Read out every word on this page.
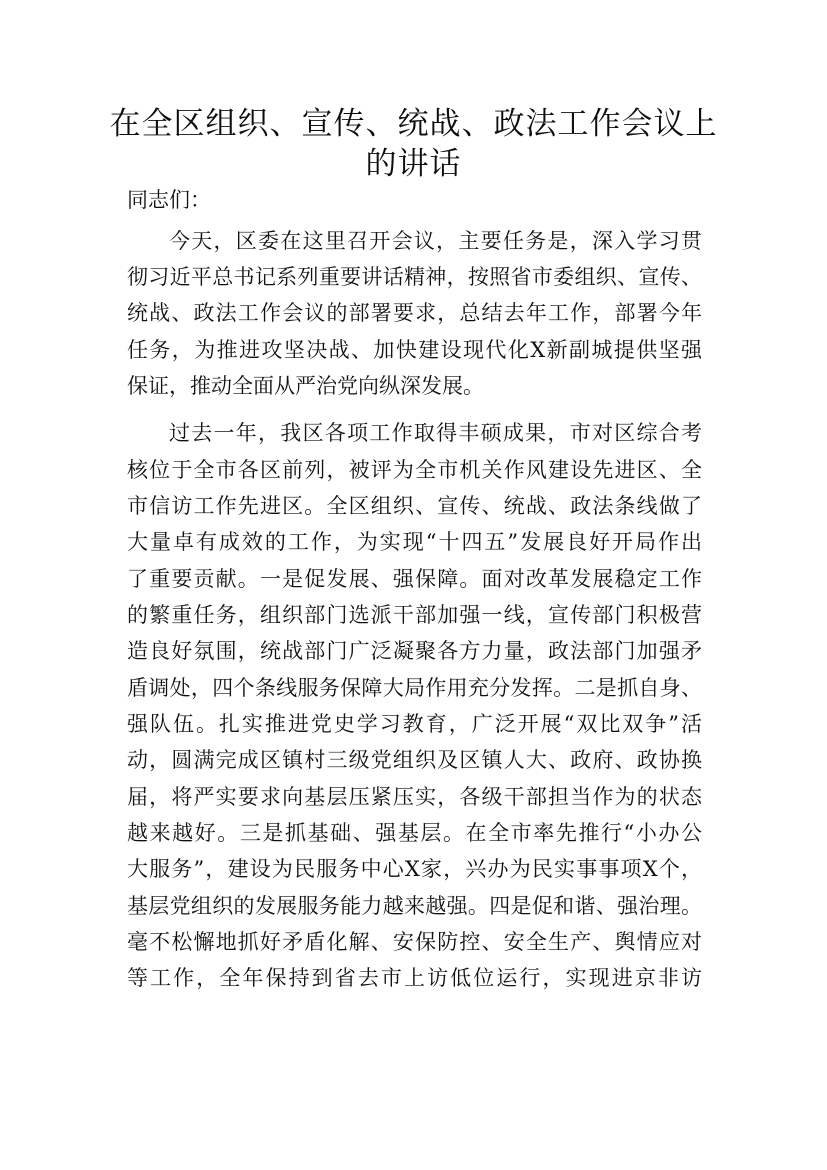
在全区组织、宣传、统战、政法工作会议上
的讲话

同志们：

今天，区委在这里召开会议，主要任务是，深入学习贯

彻习近平总书记系列重要讲话精神，按照省市委组织、宣传、

统战、政法工作会议的部署要求，总结去年工作，部署今年

任务，为推进攻坚决战、加快建设现代化X新副城提供坚强

保证，推动全面从严治党向纵深发展。

过去一年，我区各项工作取得丰硕成果，市对区综合考

核位于全市各区前列，被评为全市机关作风建设先进区、全

市信访工作先进区。全区组织、宣传、统战、政法条线做了

大量卓有成效的工作，为实现“十四五”发展良好开局作出

了重要贡献。一是促发展、强保障。面对改革发展稳定工作

的繁重任务，组织部门选派干部加强一线，宣传部门积极营

造良好氛围，统战部门广泛凝聚各方力量，政法部门加强矛

盾调处，四个条线服务保障大局作用充分发挥。二是抓自身、

强队伍。扎实推进党史学习教育，广泛开展“双比双争”活

动，圆满完成区镇村三级党组织及区镇人大、政府、政协换

届，将严实要求向基层压紧压实，各级干部担当作为的状态

越来越好。三是抓基础、强基层。在全市率先推行“小办公

大服务”，建设为民服务中心X家，兴办为民实事事项X个，

基层党组织的发展服务能力越来越强。四是促和谐、强治理。

毫不松懈地抓好矛盾化解、安保防控、安全生产、舆情应对

等工作，全年保持到省去市上访低位运行，实现进京非访
